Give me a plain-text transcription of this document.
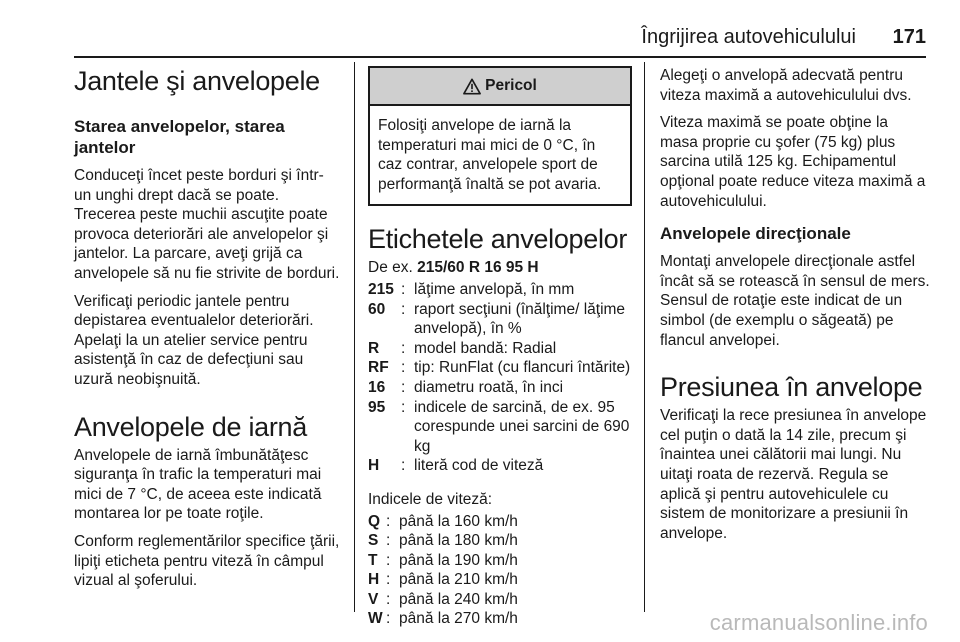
Îngrijirea autovehiculului 171
Jantele şi anvelopele
Starea anvelopelor, starea jantelor

Conduceţi încet peste borduri şi într-un unghi drept dacă se poate. Trecerea peste muchii ascuţite poate provoca deteriorări ale anvelopelor şi jantelor. La parcare, aveţi grijă ca anvelopele să nu fie strivite de borduri.

Verificaţi periodic jantele pentru depistarea eventualelor deteriorări. Apelaţi la un atelier service pentru asistenţă în caz de defecţiuni sau uzură neobişnuită.

Anvelopele de iarnă

Anvelopele de iarnă îmbunătăţesc siguranţa în trafic la temperaturi mai mici de 7 °C, de aceea este indicată montarea lor pe toate roţile.

Conform reglementărilor specifice ţării, lipiţi eticheta pentru viteză în câmpul vizual al şoferului.

Pericol
Folosiţi anvelope de iarnă la temperaturi mai mici de 0 °C, în caz contrar, anvelopele sport de performanţă înaltă se pot avaria.
Etichetele anvelopelor
De ex. 215/60 R 16 95 H
215	:	lăţime anvelopă, în mm
60	:	raport secţiuni (înălţime/ lăţime anvelopă), în %
R	:	model bandă: Radial
RF	:	tip: RunFlat (cu flancuri întărite)
16	:	diametru roată, în inci
95	:	indicele de sarcină, de ex. 95 corespunde unei sarcini de 690 kg
H	:	literă cod de viteză

Indicele de viteză:

Q	:	până la 160 km/h
S	:	până la 180 km/h
T	:	până la 190 km/h
H	:	până la 210 km/h
V	:	până la 240 km/h
W	:	până la 270 km/h

Alegeţi o anvelopă adecvată pentru viteza maximă a autovehiculului dvs.

Viteza maximă se poate obţine la masa proprie cu şofer (75 kg) plus sarcina utilă 125 kg. Echipamentul opţional poate reduce viteza maximă a autovehiculului.

Anvelopele direcţionale

Montaţi anvelopele direcţionale astfel încât să se rotească în sensul de mers. Sensul de rotaţie este indicat de un simbol (de exemplu o săgeată) pe flancul anvelopei.

Presiunea în anvelope

Verificaţi la rece presiunea în anvelope cel puţin o dată la 14 zile, precum şi înaintea unei călătorii mai lungi. Nu uitaţi roata de rezervă. Regula se aplică şi pentru autovehiculele cu sistem de monitorizare a presiunii în anvelope.

carmanualsonline.info
